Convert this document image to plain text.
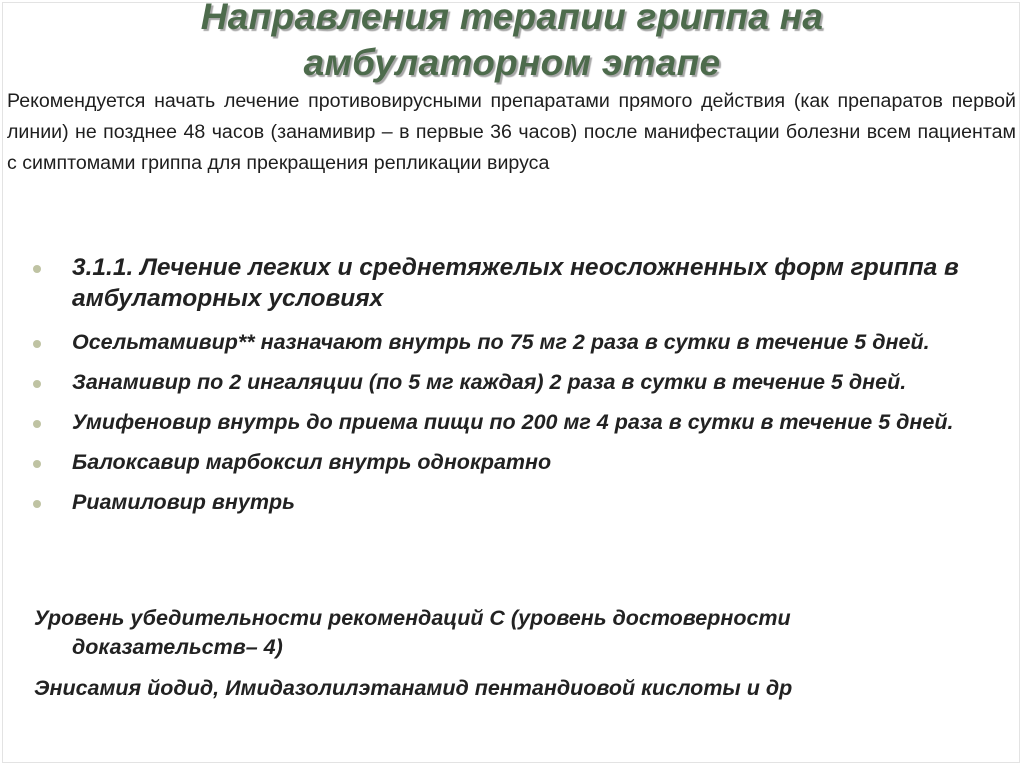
Направления терапии гриппа на
амбулаторном этапе

Рекомендуется начать лечение противовирусными препаратами прямого действия (как препаратов первой линии) не позднее 48 часов (занамивир – в первые 36 часов) после манифестации болезни всем пациентам с симптомами гриппа для прекращения репликации вируса

3.1.1. Лечение легких и среднетяжелых неосложненных форм гриппа в амбулаторных условиях
Осельтамивир** назначают внутрь по 75 мг 2 раза в сутки в течение 5 дней.
Занамивир по 2 ингаляции (по 5 мг каждая) 2 раза в сутки в течение 5 дней.
Умифеновир внутрь до приема пищи по 200 мг 4 раза в сутки в течение 5 дней.
Балоксавир марбоксил внутрь однократно
Риамиловир внутрь

Уровень убедительности рекомендаций С (уровень достоверности
доказательств– 4)

Энисамия йодид, Имидазолилэтанамид пентандиовой кислоты и др
